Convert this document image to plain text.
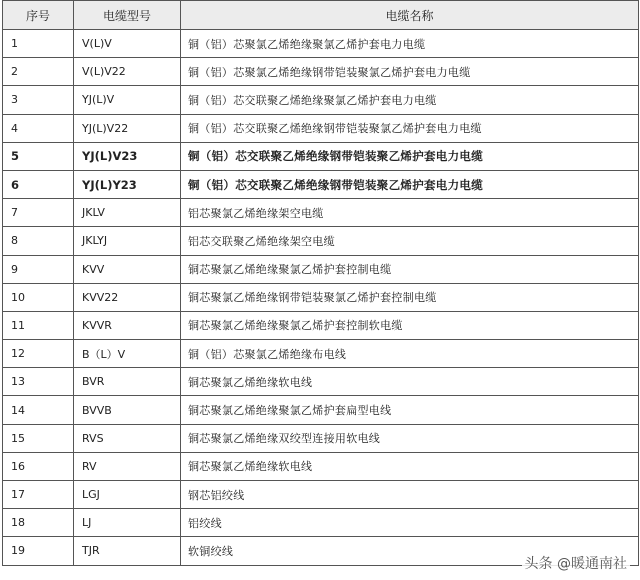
序号	电缆型号	电缆名称
1	V(L)V	铜（铝）芯聚氯乙烯绝缘聚氯乙烯护套电力电缆
2	V(L)V22	铜（铝）芯聚氯乙烯绝缘钢带铠装聚氯乙烯护套电力电缆
3	YJ(L)V	铜（铝）芯交联聚乙烯绝缘聚氯乙烯护套电力电缆
4	YJ(L)V22	铜（铝）芯交联聚乙烯绝缘钢带铠装聚氯乙烯护套电力电缆
5	YJ(L)V23	铜（铝）芯交联聚乙烯绝缘钢带铠装聚乙烯护套电力电缆
6	YJ(L)Y23	铜（铝）芯交联聚乙烯绝缘钢带铠装聚乙烯护套电力电缆
7	JKLV	铝芯聚氯乙烯绝缘架空电缆
8	JKLYJ	铝芯交联聚乙烯绝缘架空电缆
9	KVV	铜芯聚氯乙烯绝缘聚氯乙烯护套控制电缆
10	KVV22	铜芯聚氯乙烯绝缘钢带铠装聚氯乙烯护套控制电缆
11	KVVR	铜芯聚氯乙烯绝缘聚氯乙烯护套控制软电缆
12	B（L）V	铜（铝）芯聚氯乙烯绝缘布电线
13	BVR	铜芯聚氯乙烯绝缘软电线
14	BVVB	铜芯聚氯乙烯绝缘聚氯乙烯护套扁型电线
15	RVS	铜芯聚氯乙烯绝缘双绞型连接用软电线
16	RV	铜芯聚氯乙烯绝缘软电线
17	LGJ	钢芯铝绞线
18	LJ	铝绞线
19	TJR	软铜绞线
头条 @暖通南社
